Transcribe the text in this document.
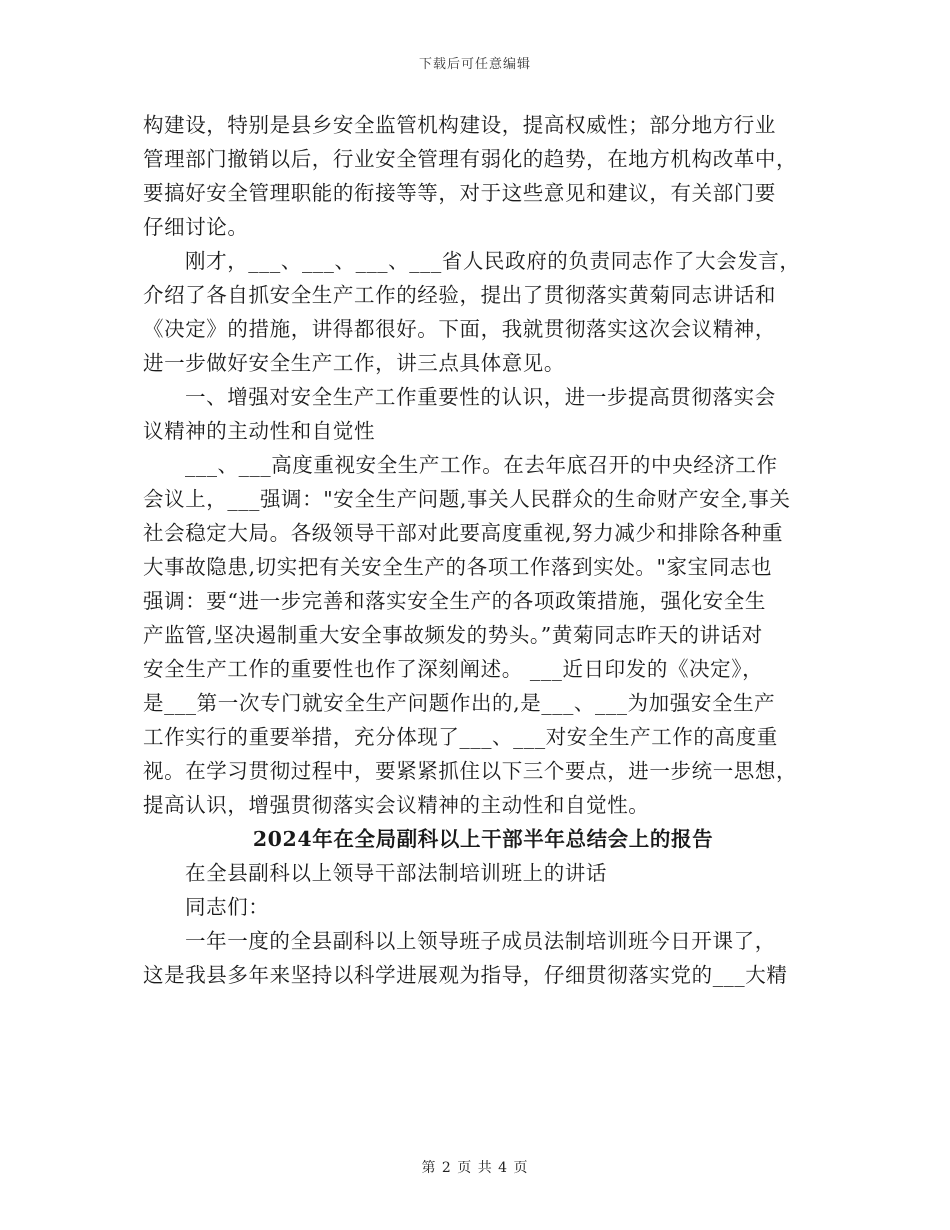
下载后可任意编辑
构建设，特别是县乡安全监管机构建设，提高权威性；部分地方行业
管理部门撤销以后，行业安全管理有弱化的趋势，在地方机构改革中，
要搞好安全管理职能的衔接等等，对于这些意见和建议，有关部门要
仔细讨论。
刚才，___、___、___、___省人民政府的负责同志作了大会发言，
介绍了各自抓安全生产工作的经验，提出了贯彻落实黄菊同志讲话和
《决定》的措施，讲得都很好。下面，我就贯彻落实这次会议精神，
进一步做好安全生产工作，讲三点具体意见。
一、增强对安全生产工作重要性的认识，进一步提高贯彻落实会
议精神的主动性和自觉性
___、___高度重视安全生产工作。在去年底召开的中央经济工作
会议上，___强调："安全生产问题,事关人民群众的生命财产安全,事关
社会稳定大局。各级领导干部对此要高度重视,努力减少和排除各种重
大事故隐患,切实把有关安全生产的各项工作落到实处。"家宝同志也
强调：要“进一步完善和落实安全生产的各项政策措施，强化安全生
产监管,坚决遏制重大安全事故频发的势头。”黄菊同志昨天的讲话对
安全生产工作的重要性也作了深刻阐述。 ___近日印发的《决定》，
是___第一次专门就安全生产问题作出的,是___、___为加强安全生产
工作实行的重要举措，充分体现了___、___对安全生产工作的高度重
视。在学习贯彻过程中，要紧紧抓住以下三个要点，进一步统一思想，
提高认识，增强贯彻落实会议精神的主动性和自觉性。
2024年在全局副科以上干部半年总结会上的报告
在全县副科以上领导干部法制培训班上的讲话
同志们：
一年一度的全县副科以上领导班子成员法制培训班今日开课了，
这是我县多年来坚持以科学进展观为指导，仔细贯彻落实党的___大精
第 2 页 共 4 页
